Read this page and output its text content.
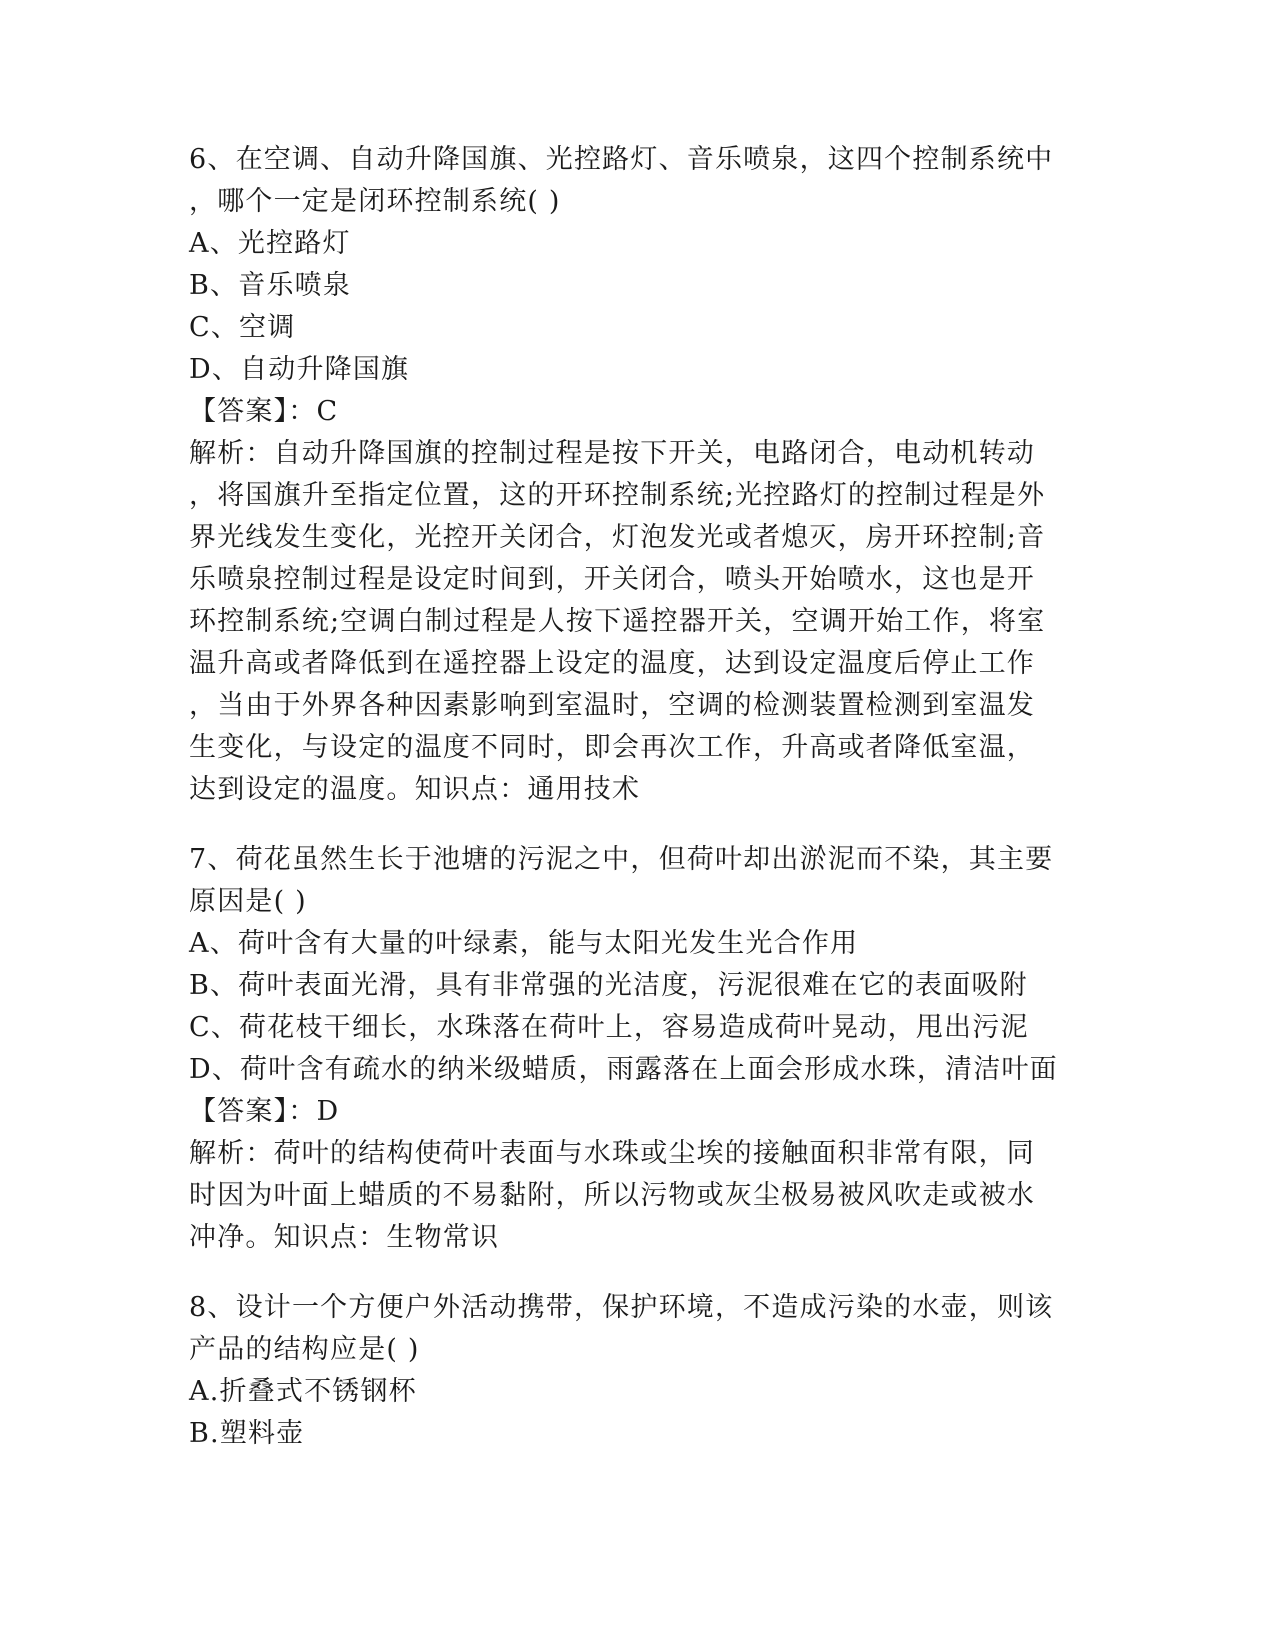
6、在空调、自动升降国旗、光控路灯、音乐喷泉，这四个控制系统中
，哪个一定是闭环控制系统( )
A、光控路灯
B、音乐喷泉
C、空调
D、自动升降国旗
【答案】：C
解析：自动升降国旗的控制过程是按下开关，电路闭合，电动机转动
，将国旗升至指定位置，这的开环控制系统;光控路灯的控制过程是外
界光线发生变化，光控开关闭合，灯泡发光或者熄灭，房开环控制;音
乐喷泉控制过程是设定时间到，开关闭合，喷头开始喷水，这也是开
环控制系统;空调白制过程是人按下遥控器开关，空调开始工作，将室
温升高或者降低到在遥控器上设定的温度，达到设定温度后停止工作
，当由于外界各种因素影响到室温时，空调的检测装置检测到室温发
生变化，与设定的温度不同时，即会再次工作，升高或者降低室温，
达到设定的温度。知识点：通用技术
7、荷花虽然生长于池塘的污泥之中，但荷叶却出淤泥而不染，其主要
原因是( )
A、荷叶含有大量的叶绿素，能与太阳光发生光合作用
B、荷叶表面光滑，具有非常强的光洁度，污泥很难在它的表面吸附
C、荷花枝干细长，水珠落在荷叶上，容易造成荷叶晃动，甩出污泥
D、荷叶含有疏水的纳米级蜡质，雨露落在上面会形成水珠，清洁叶面
【答案】：D
解析：荷叶的结构使荷叶表面与水珠或尘埃的接触面积非常有限，同
时因为叶面上蜡质的不易黏附，所以污物或灰尘极易被风吹走或被水
冲净。知识点：生物常识
8、设计一个方便户外活动携带，保护环境，不造成污染的水壶，则该
产品的结构应是( )
A.折叠式不锈钢杯
B.塑料壶
